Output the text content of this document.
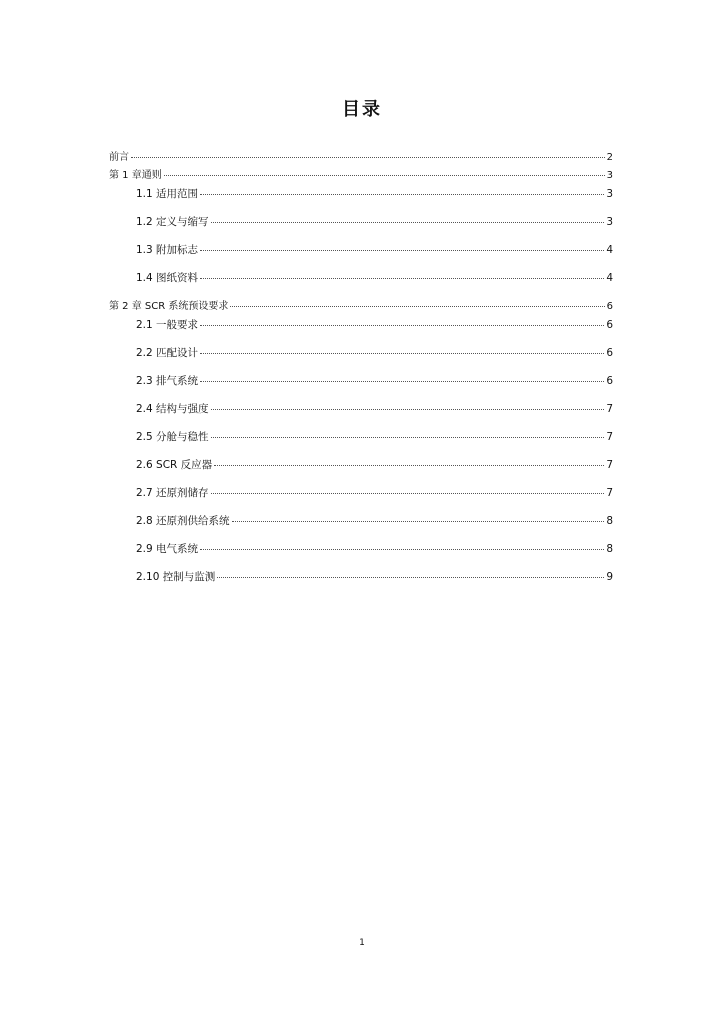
目录
前言	2
第 1 章通则	3
1.1 适用范围	3
1.2 定义与缩写	3
1.3 附加标志	4
1.4 图纸资料	4
第 2 章 SCR 系统预设要求	6
2.1 一般要求	6
2.2 匹配设计	6
2.3 排气系统	6
2.4 结构与强度	7
2.5 分舱与稳性	7
2.6 SCR 反应器	7
2.7 还原剂储存	7
2.8 还原剂供给系统	8
2.9 电气系统	8
2.10 控制与监测	9
1
